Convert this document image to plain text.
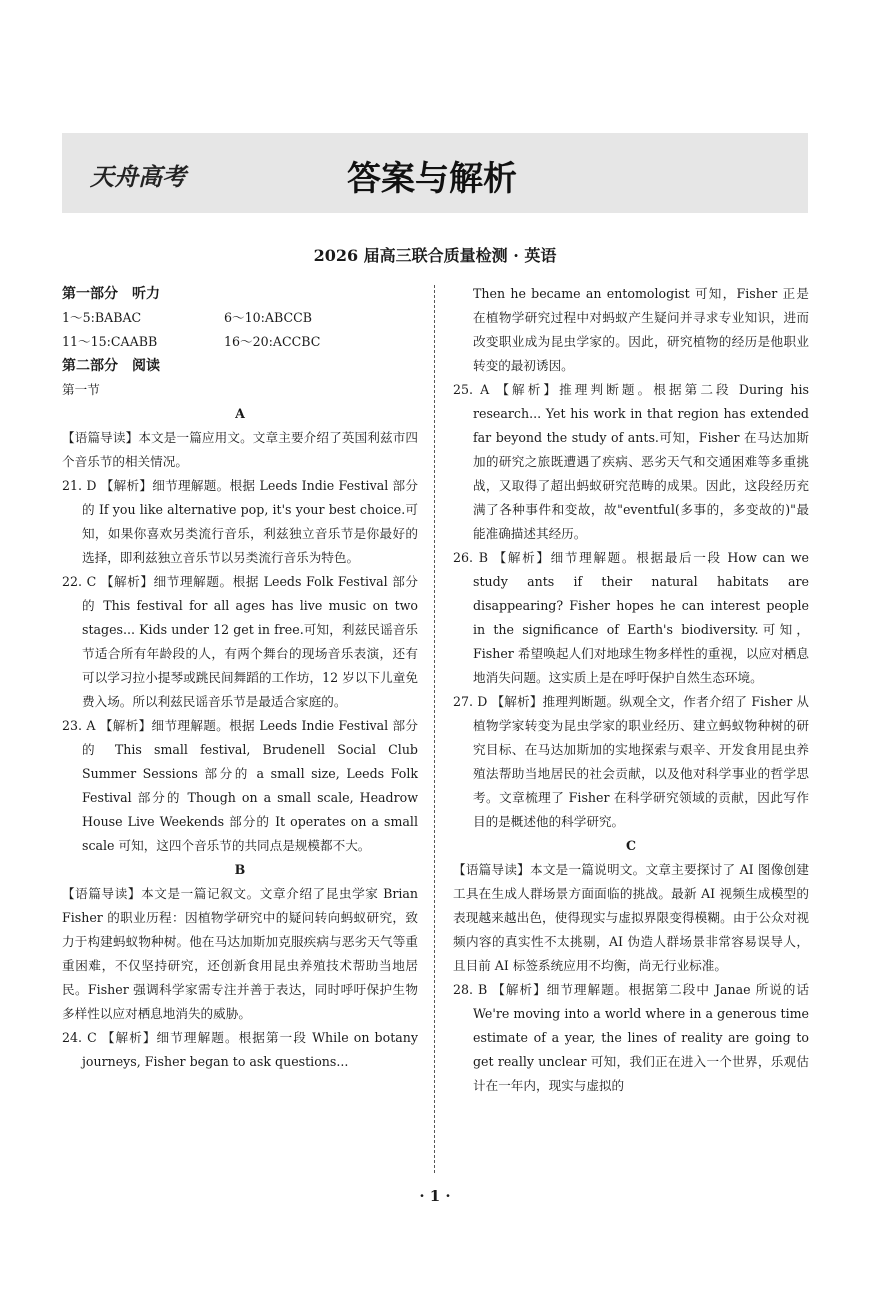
天舟高考	答案与解析
2026 届高三联合质量检测 · 英语

第一部分　听力

1～5:BABAC	6～10:ABCCB
11～15:CAABB	16～20:ACCBC

第二部分　阅读

第一节

A

【语篇导读】本文是一篇应用文。文章主要介绍了英国利兹市四个音乐节的相关情况。

21. D 【解析】细节理解题。根据 Leeds Indie Festival 部分的 If you like alternative pop, it's your best choice.可知，如果你喜欢另类流行音乐，利兹独立音乐节是你最好的选择，即利兹独立音乐节以另类流行音乐为特色。

22. C 【解析】细节理解题。根据 Leeds Folk Festival 部分的 This festival for all ages has live music on two stages... Kids under 12 get in free.可知，利兹民谣音乐节适合所有年龄段的人，有两个舞台的现场音乐表演，还有可以学习拉小提琴或跳民间舞蹈的工作坊，12 岁以下儿童免费入场。所以利兹民谣音乐节是最适合家庭的。

23. A 【解析】细节理解题。根据 Leeds Indie Festival 部分的 This small festival, Brudenell Social Club Summer Sessions 部分的 a small size, Leeds Folk Festival 部分的 Though on a small scale, Headrow House Live Weekends 部分的 It operates on a small scale 可知，这四个音乐节的共同点是规模都不大。

B

【语篇导读】本文是一篇记叙文。文章介绍了昆虫学家 Brian Fisher 的职业历程：因植物学研究中的疑问转向蚂蚁研究，致力于构建蚂蚁物种树。他在马达加斯加克服疾病与恶劣天气等重重困难，不仅坚持研究，还创新食用昆虫养殖技术帮助当地居民。Fisher 强调科学家需专注并善于表达，同时呼吁保护生物多样性以应对栖息地消失的威胁。

24. C 【解析】细节理解题。根据第一段 While on botany journeys, Fisher began to ask questions...

Then he became an entomologist 可知，Fisher 正是在植物学研究过程中对蚂蚁产生疑问并寻求专业知识，进而改变职业成为昆虫学家的。因此，研究植物的经历是他职业转变的最初诱因。

25. A 【解析】推理判断题。根据第二段 During his research... Yet his work in that region has extended far beyond the study of ants.可知，Fisher 在马达加斯加的研究之旅既遭遇了疾病、恶劣天气和交通困难等多重挑战，又取得了超出蚂蚁研究范畴的成果。因此，这段经历充满了各种事件和变故，故"eventful(多事的，多变故的)"最能准确描述其经历。

26. B 【解析】细节理解题。根据最后一段 How can we study ants if their natural habitats are disappearing? Fisher hopes he can interest people in the significance of Earth's biodiversity.可知，Fisher 希望唤起人们对地球生物多样性的重视，以应对栖息地消失问题。这实质上是在呼吁保护自然生态环境。

27. D 【解析】推理判断题。纵观全文，作者介绍了 Fisher 从植物学家转变为昆虫学家的职业经历、建立蚂蚁物种树的研究目标、在马达加斯加的实地探索与艰辛、开发食用昆虫养殖法帮助当地居民的社会贡献，以及他对科学事业的哲学思考。文章梳理了 Fisher 在科学研究领域的贡献，因此写作目的是概述他的科学研究。

C

【语篇导读】本文是一篇说明文。文章主要探讨了 AI 图像创建工具在生成人群场景方面面临的挑战。最新 AI 视频生成模型的表现越来越出色，使得现实与虚拟界限变得模糊。由于公众对视频内容的真实性不太挑剔，AI 伪造人群场景非常容易误导人，且目前 AI 标签系统应用不均衡，尚无行业标准。

28. B 【解析】细节理解题。根据第二段中 Janae 所说的话 We're moving into a world where in a generous time estimate of a year, the lines of reality are going to get really unclear 可知，我们正在进入一个世界，乐观估计在一年内，现实与虚拟的

· 1 ·
